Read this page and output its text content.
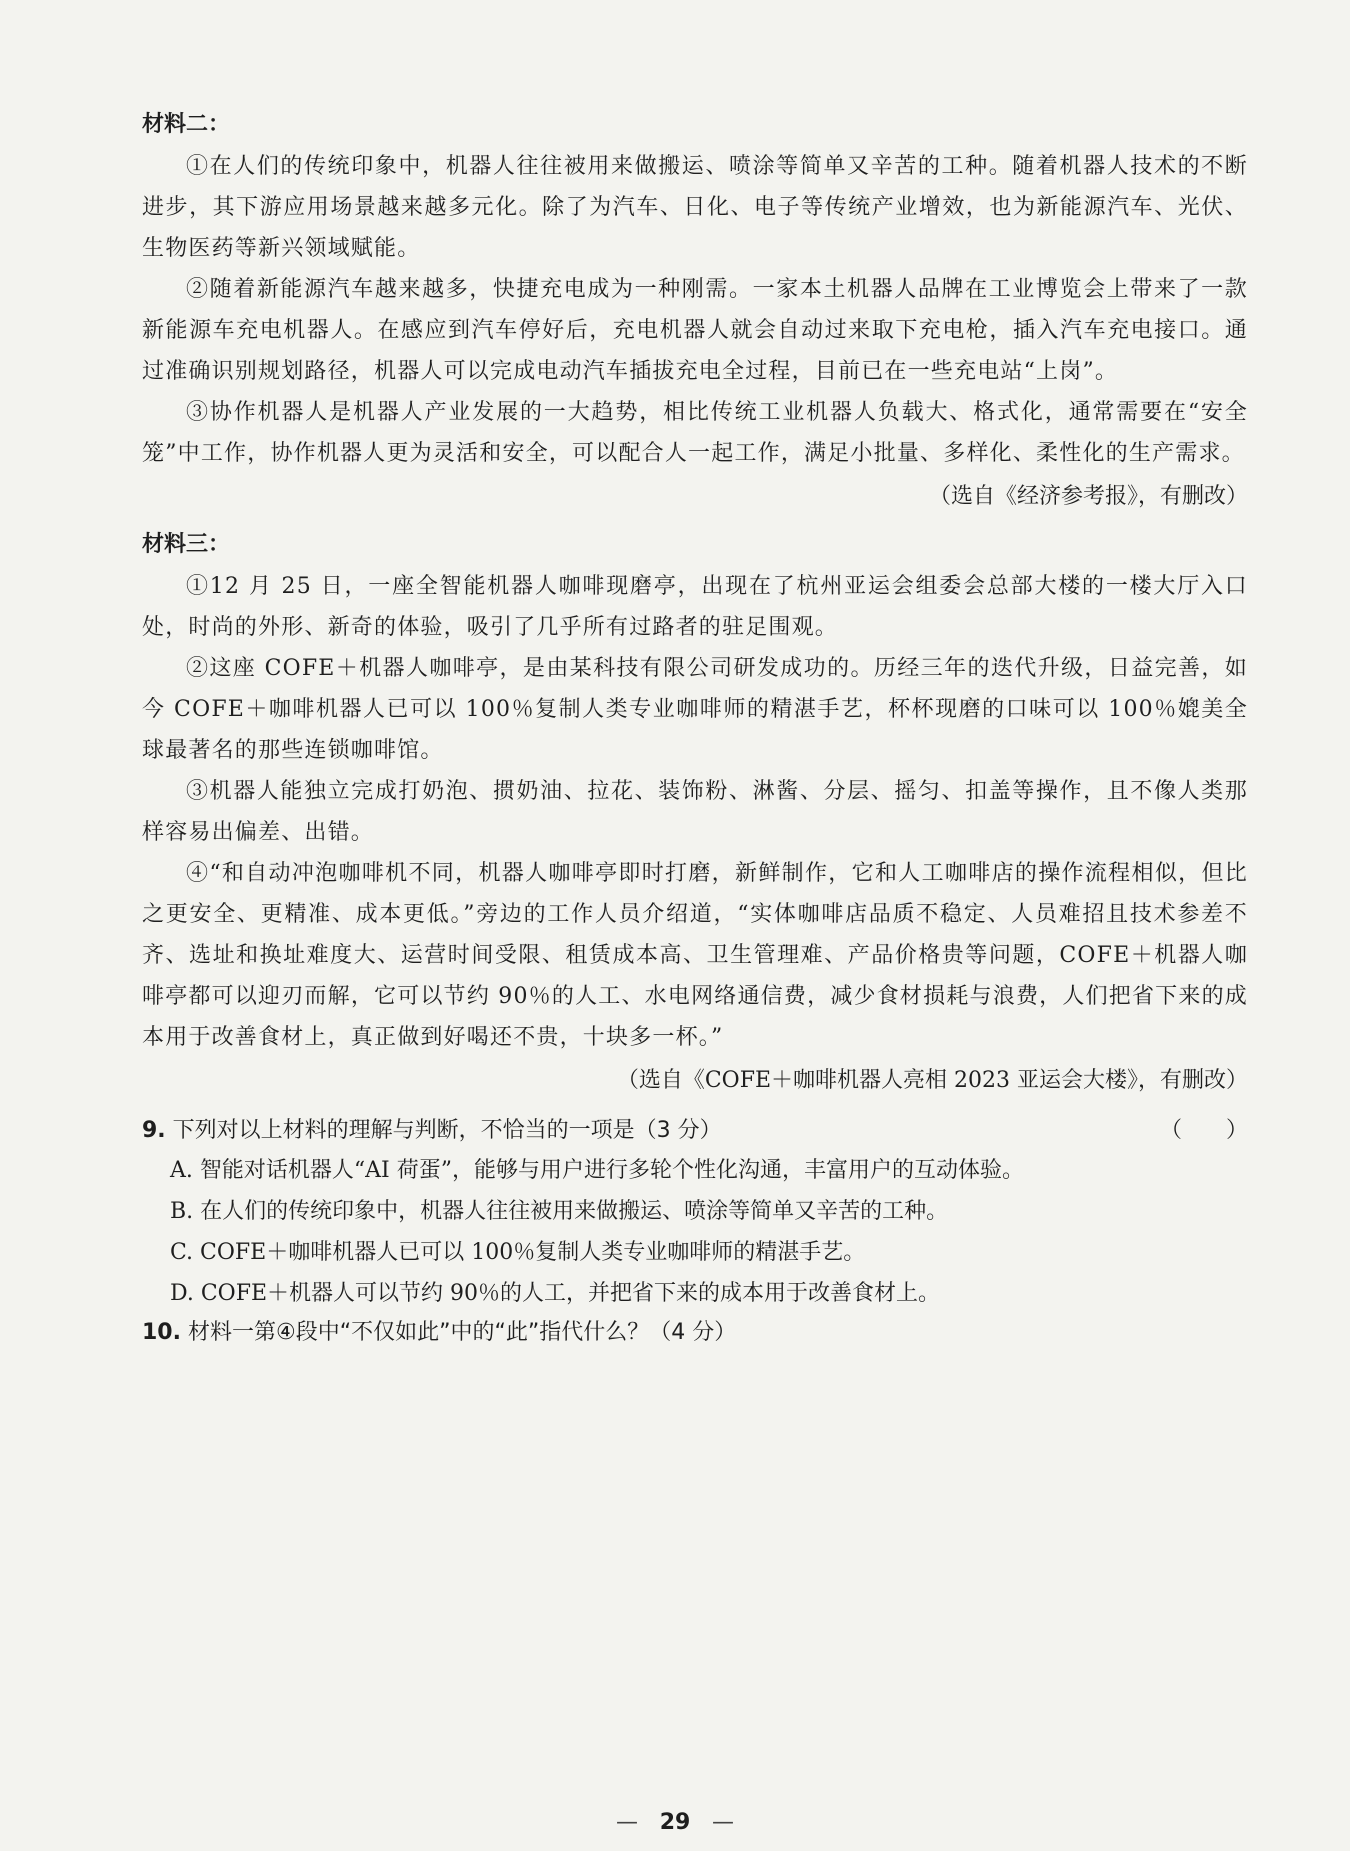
材料二：

①在人们的传统印象中，机器人往往被用来做搬运、喷涂等简单又辛苦的工种。随着机器人技术的不断进步，其下游应用场景越来越多元化。除了为汽车、日化、电子等传统产业增效，也为新能源汽车、光伏、生物医药等新兴领域赋能。

②随着新能源汽车越来越多，快捷充电成为一种刚需。一家本土机器人品牌在工业博览会上带来了一款新能源车充电机器人。在感应到汽车停好后，充电机器人就会自动过来取下充电枪，插入汽车充电接口。通过准确识别规划路径，机器人可以完成电动汽车插拔充电全过程，目前已在一些充电站“上岗”。

③协作机器人是机器人产业发展的一大趋势，相比传统工业机器人负载大、格式化，通常需要在“安全笼”中工作，协作机器人更为灵活和安全，可以配合人一起工作，满足小批量、多样化、柔性化的生产需求。

（选自《经济参考报》，有删改）
材料三：

①12 月 25 日，一座全智能机器人咖啡现磨亭，出现在了杭州亚运会组委会总部大楼的一楼大厅入口处，时尚的外形、新奇的体验，吸引了几乎所有过路者的驻足围观。

②这座 COFE＋机器人咖啡亭，是由某科技有限公司研发成功的。历经三年的迭代升级，日益完善，如今 COFE＋咖啡机器人已可以 100％复制人类专业咖啡师的精湛手艺，杯杯现磨的口味可以 100％媲美全球最著名的那些连锁咖啡馆。

③机器人能独立完成打奶泡、掼奶油、拉花、装饰粉、淋酱、分层、摇匀、扣盖等操作，且不像人类那样容易出偏差、出错。

④“和自动冲泡咖啡机不同，机器人咖啡亭即时打磨，新鲜制作，它和人工咖啡店的操作流程相似，但比之更安全、更精准、成本更低。”旁边的工作人员介绍道，“实体咖啡店品质不稳定、人员难招且技术参差不齐、选址和换址难度大、运营时间受限、租赁成本高、卫生管理难、产品价格贵等问题，COFE＋机器人咖啡亭都可以迎刃而解，它可以节约 90％的人工、水电网络通信费，减少食材损耗与浪费，人们把省下来的成本用于改善食材上，真正做到好喝还不贵，十块多一杯。”

（选自《COFE＋咖啡机器人亮相 2023 亚运会大楼》，有删改）

9. 下列对以上材料的理解与判断，不恰当的一项是（3 分）	（　　）

A. 智能对话机器人“AI 荷蛋”，能够与用户进行多轮个性化沟通，丰富用户的互动体验。

B. 在人们的传统印象中，机器人往往被用来做搬运、喷涂等简单又辛苦的工种。

C. COFE＋咖啡机器人已可以 100％复制人类专业咖啡师的精湛手艺。

D. COFE＋机器人可以节约 90％的人工，并把省下来的成本用于改善食材上。

10. 材料一第④段中“不仅如此”中的“此”指代什么？（4 分）

— 29 —
